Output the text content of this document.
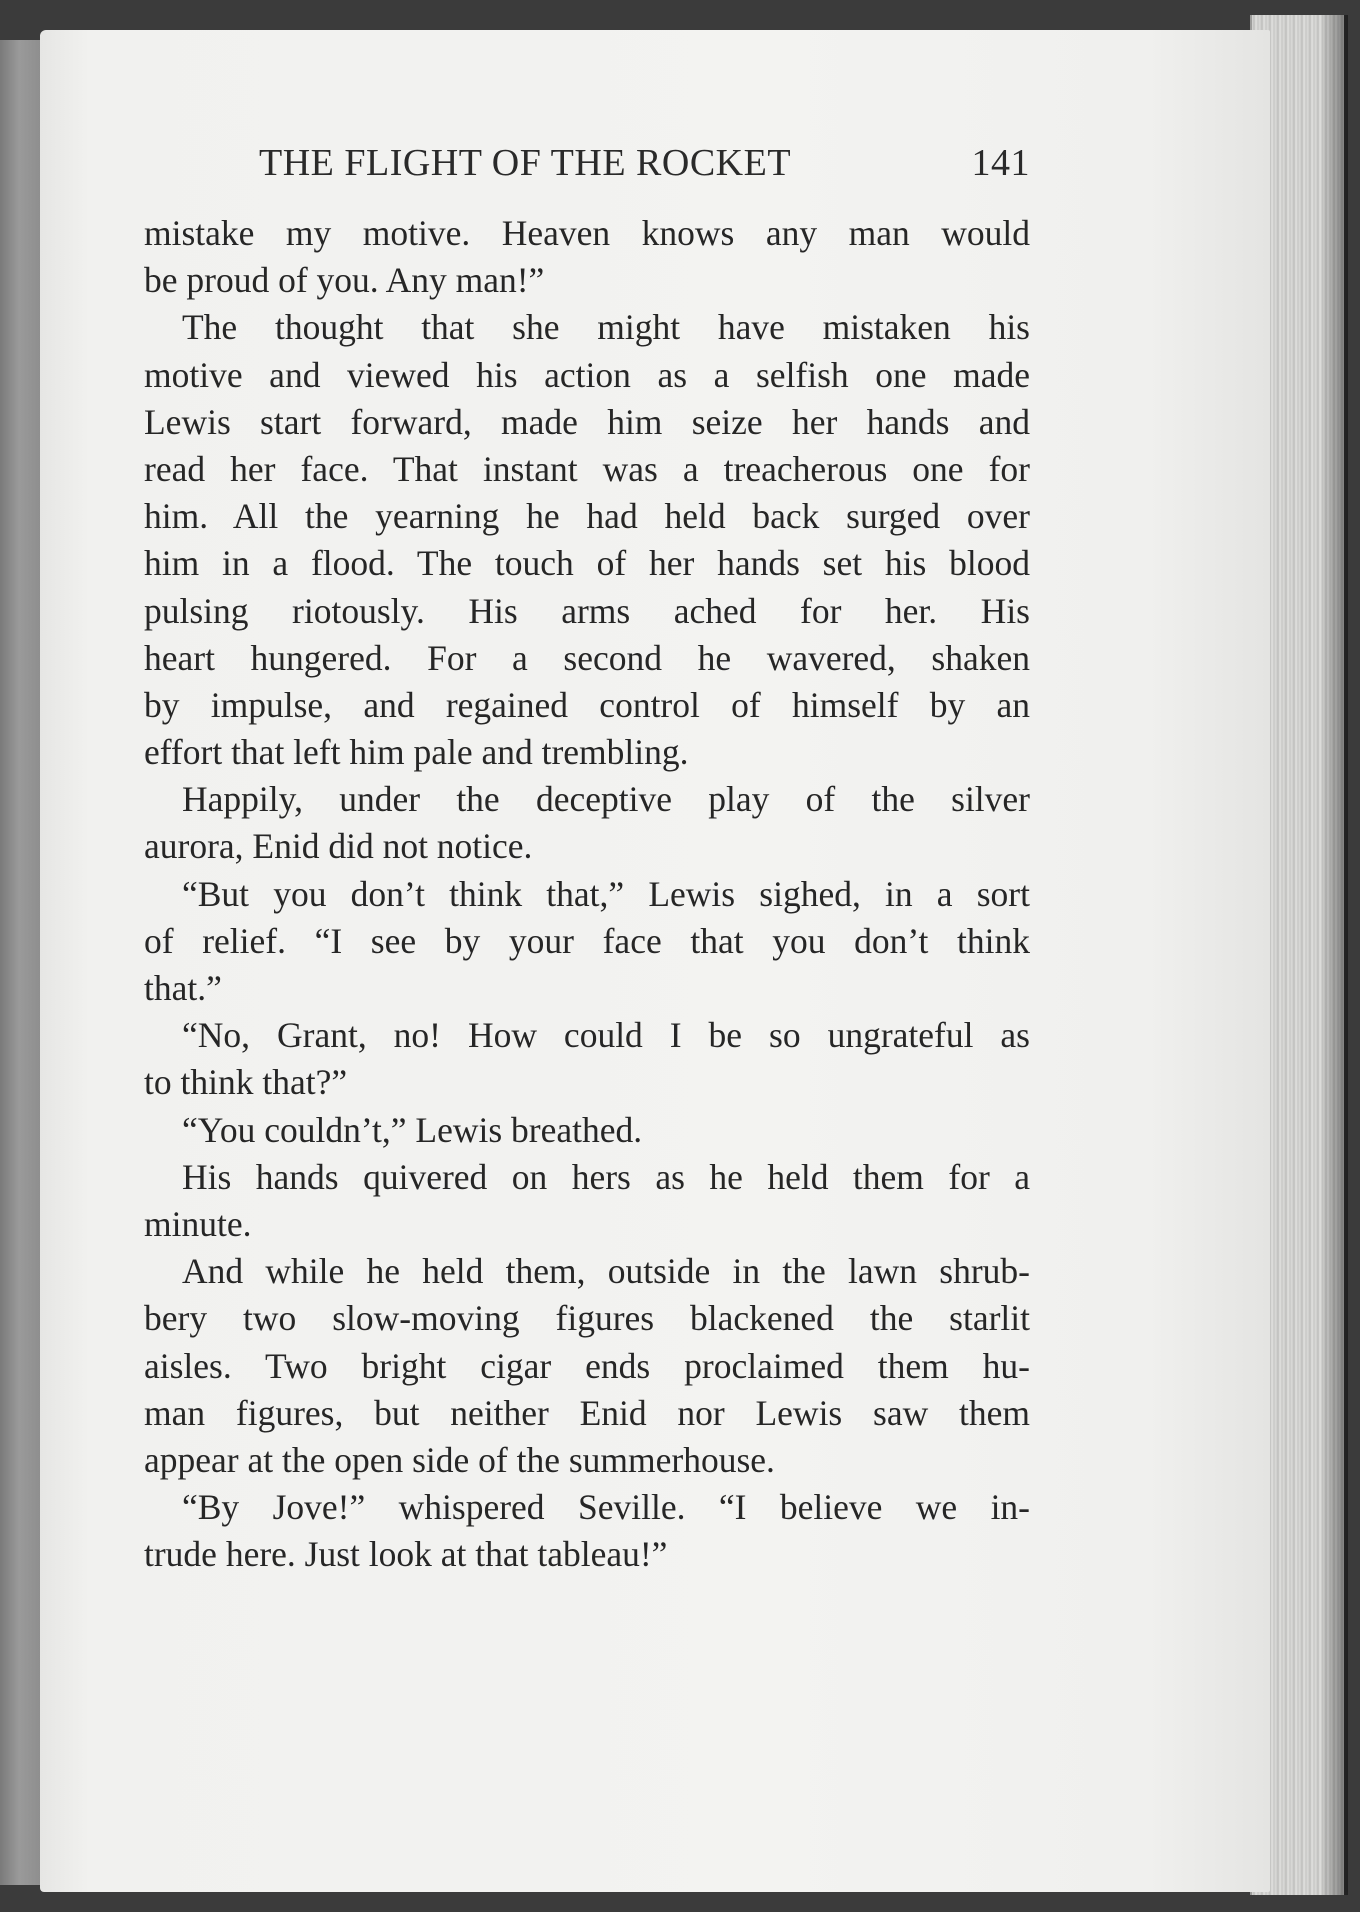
THE FLIGHT OF THE ROCKET	141
mistake my motive. Heaven knows any man would
be proud of you. Any man!”
The thought that she might have mistaken his
motive and viewed his action as a selfish one made
Lewis start forward, made him seize her hands and
read her face. That instant was a treacherous one for
him. All the yearning he had held back surged over
him in a flood. The touch of her hands set his blood
pulsing riotously. His arms ached for her. His
heart hungered. For a second he wavered, shaken
by impulse, and regained control of himself by an
effort that left him pale and trembling.
Happily, under the deceptive play of the silver
aurora, Enid did not notice.
“But you don’t think that,” Lewis sighed, in a sort
of relief. “I see by your face that you don’t think
that.”
“No, Grant, no! How could I be so ungrateful as
to think that?”
“You couldn’t,” Lewis breathed.
His hands quivered on hers as he held them for a
minute.
And while he held them, outside in the lawn shrub-
bery two slow-moving figures blackened the starlit
aisles. Two bright cigar ends proclaimed them hu-
man figures, but neither Enid nor Lewis saw them
appear at the open side of the summerhouse.
“By Jove!” whispered Seville. “I believe we in-
trude here. Just look at that tableau!”
